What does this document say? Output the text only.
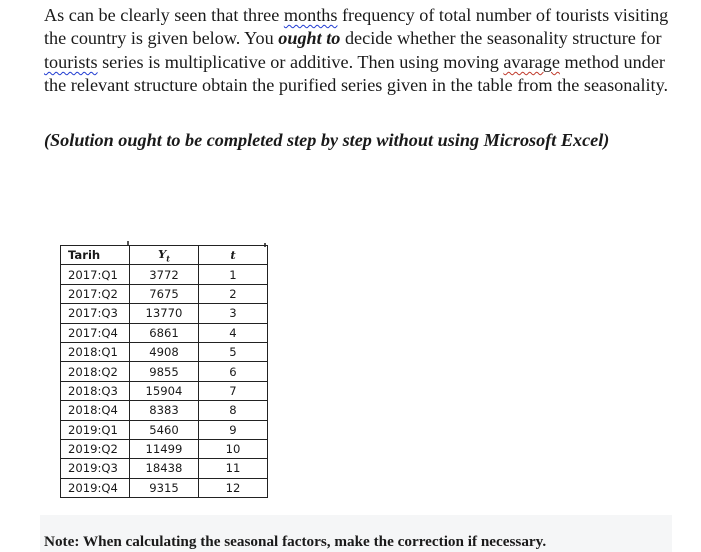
As can be clearly seen that three months frequency of total number of tourists visiting the country is given below. You ought to decide whether the seasonality structure for tourists series is multiplicative or additive. Then using moving avarage method under the relevant structure obtain the purified series given in the table from the seasonality.

(Solution ought to be completed step by step without using Microsoft Excel)

Tarih	$Y_t$	t
2017:Q1	3772	1
2017:Q2	7675	2
2017:Q3	13770	3
2017:Q4	6861	4
2018:Q1	4908	5
2018:Q2	9855	6
2018:Q3	15904	7
2018:Q4	8383	8
2019:Q1	5460	9
2019:Q2	11499	10
2019:Q3	18438	11
2019:Q4	9315	12

Note: When calculating the seasonal factors, make the correction if necessary.
